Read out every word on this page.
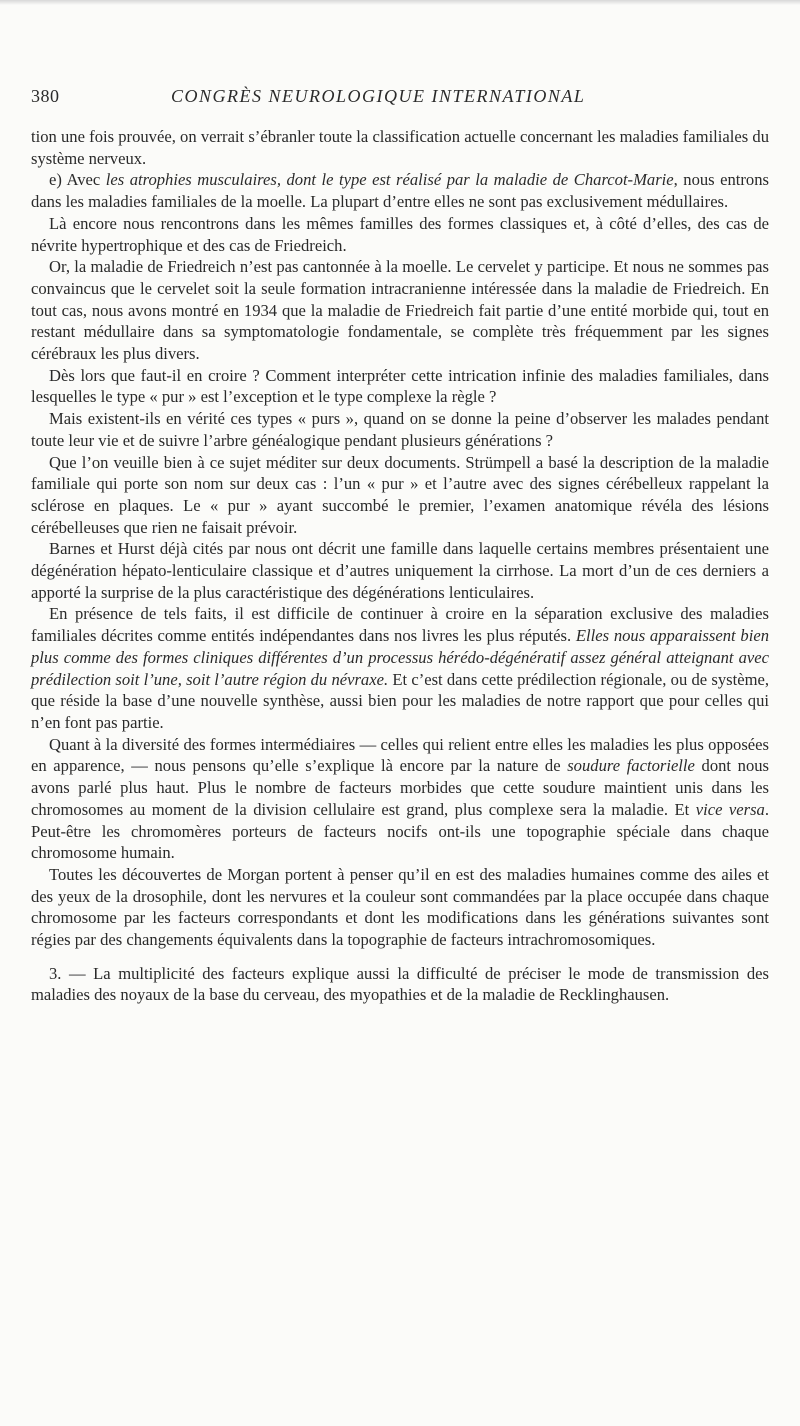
380	CONGRÈS NEUROLOGIQUE INTERNATIONAL

tion une fois prouvée, on verrait s’ébranler toute la classification actuelle concernant les maladies familiales du système nerveux.

e) Avec les atrophies musculaires, dont le type est réalisé par la maladie de Charcot-Marie, nous entrons dans les maladies familiales de la moelle. La plupart d’entre elles ne sont pas exclusivement médullaires.

Là encore nous rencontrons dans les mêmes familles des formes classiques et, à côté d’elles, des cas de névrite hypertrophique et des cas de Friedreich.

Or, la maladie de Friedreich n’est pas cantonnée à la moelle. Le cervelet y participe. Et nous ne sommes pas convaincus que le cervelet soit la seule formation intracranienne intéressée dans la maladie de Friedreich. En tout cas, nous avons montré en 1934 que la maladie de Friedreich fait partie d’une entité morbide qui, tout en restant médullaire dans sa symptomatologie fondamentale, se complète très fréquemment par les signes cérébraux les plus divers.

Dès lors que faut-il en croire ? Comment interpréter cette intrication infinie des maladies familiales, dans lesquelles le type « pur » est l’exception et le type complexe la règle ?

Mais existent-ils en vérité ces types « purs », quand on se donne la peine d’observer les malades pendant toute leur vie et de suivre l’arbre généalogique pendant plusieurs générations ?

Que l’on veuille bien à ce sujet méditer sur deux documents. Strümpell a basé la description de la maladie familiale qui porte son nom sur deux cas : l’un « pur » et l’autre avec des signes cérébelleux rappelant la sclérose en plaques. Le « pur » ayant succombé le premier, l’examen anatomique révéla des lésions cérébelleuses que rien ne faisait prévoir.

Barnes et Hurst déjà cités par nous ont décrit une famille dans laquelle certains membres présentaient une dégénération hépato-lenticulaire classique et d’autres uniquement la cirrhose. La mort d’un de ces derniers a apporté la surprise de la plus caractéristique des dégénérations lenticulaires.

En présence de tels faits, il est difficile de continuer à croire en la séparation exclusive des maladies familiales décrites comme entités indépendantes dans nos livres les plus réputés. Elles nous apparaissent bien plus comme des formes cliniques différentes d’un processus hérédo-dégénératif assez général atteignant avec prédilection soit l’une, soit l’autre région du névraxe. Et c’est dans cette prédilection régionale, ou de système, que réside la base d’une nouvelle synthèse, aussi bien pour les maladies de notre rapport que pour celles qui n’en font pas partie.

Quant à la diversité des formes intermédiaires — celles qui relient entre elles les maladies les plus opposées en apparence, — nous pensons qu’elle s’explique là encore par la nature de soudure factorielle dont nous avons parlé plus haut. Plus le nombre de facteurs morbides que cette soudure maintient unis dans les chromosomes au moment de la division cellulaire est grand, plus complexe sera la maladie. Et vice versa. Peut-être les chromomères porteurs de facteurs nocifs ont-ils une topographie spéciale dans chaque chromosome humain.

Toutes les découvertes de Morgan portent à penser qu’il en est des maladies humaines comme des ailes et des yeux de la drosophile, dont les nervures et la couleur sont commandées par la place occupée dans chaque chromosome par les facteurs correspondants et dont les modifications dans les générations suivantes sont régies par des changements équivalents dans la topographie de facteurs intrachromosomiques.

3. — La multiplicité des facteurs explique aussi la difficulté de préciser le mode de transmission des maladies des noyaux de la base du cerveau, des myopathies et de la maladie de Recklinghausen.
